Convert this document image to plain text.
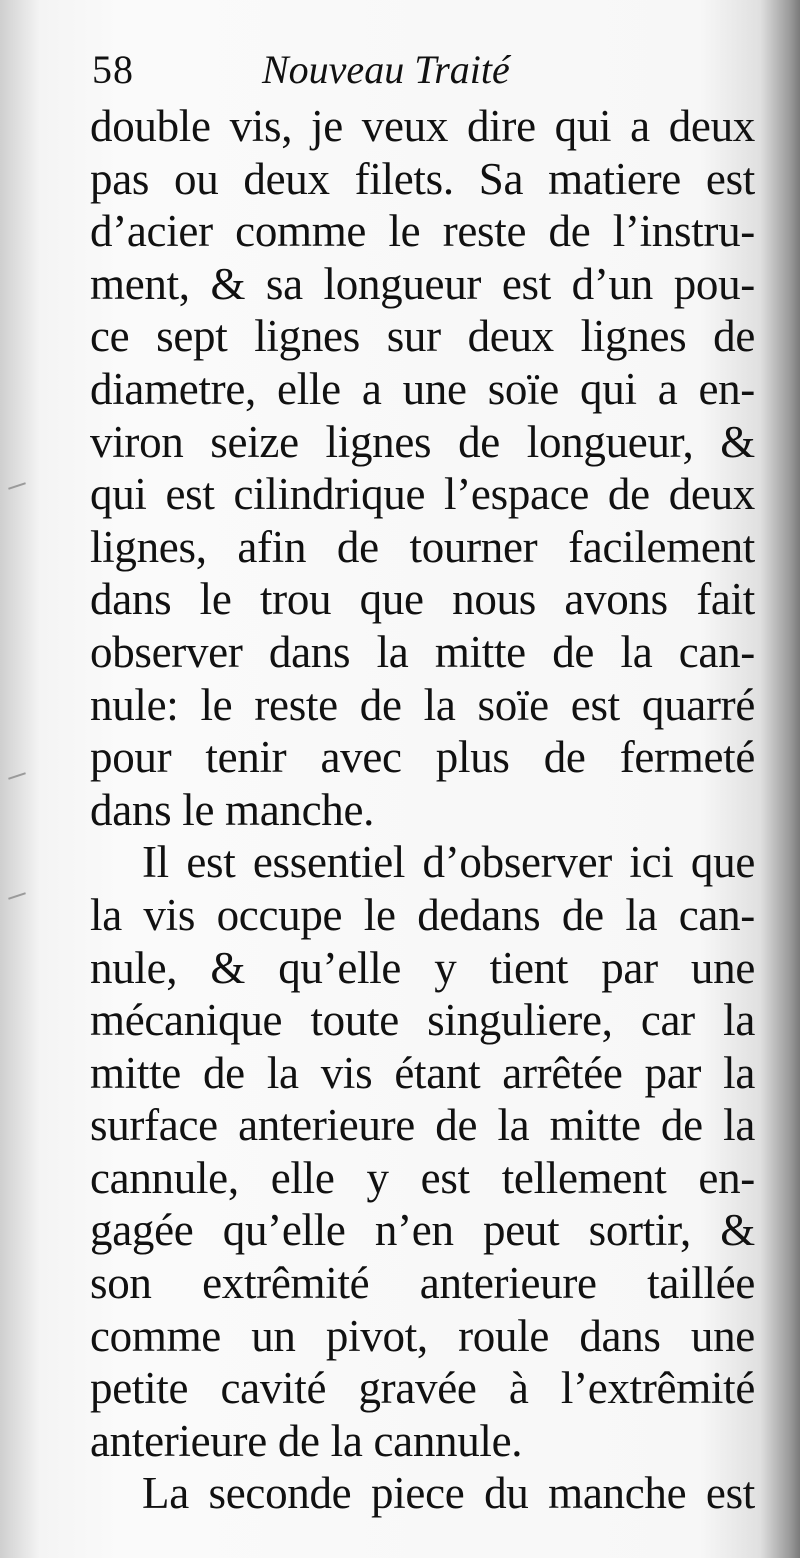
58	Nouveau Traité
double vis, je veux dire qui a deux
pas ou deux filets. Sa matiere est
d’acier comme le reste de l’instru-
ment, & sa longueur est d’un pou-
ce sept lignes sur deux lignes de
diametre, elle a une soïe qui a en-
viron seize lignes de longueur, &
qui est cilindrique l’espace de deux
lignes, afin de tourner facilement
dans le trou que nous avons fait
observer dans la mitte de la can-
nule: le reste de la soïe est quarré
pour tenir avec plus de fermeté
dans le manche.
Il est essentiel d’observer ici que
la vis occupe le dedans de la can-
nule, & qu’elle y tient par une
mécanique toute singuliere, car la
mitte de la vis étant arrêtée par la
surface anterieure de la mitte de la
cannule, elle y est tellement en-
gagée qu’elle n’en peut sortir, &
son extrêmité anterieure taillée
comme un pivot, roule dans une
petite cavité gravée à l’extrêmité
anterieure de la cannule.
La seconde piece du manche est
